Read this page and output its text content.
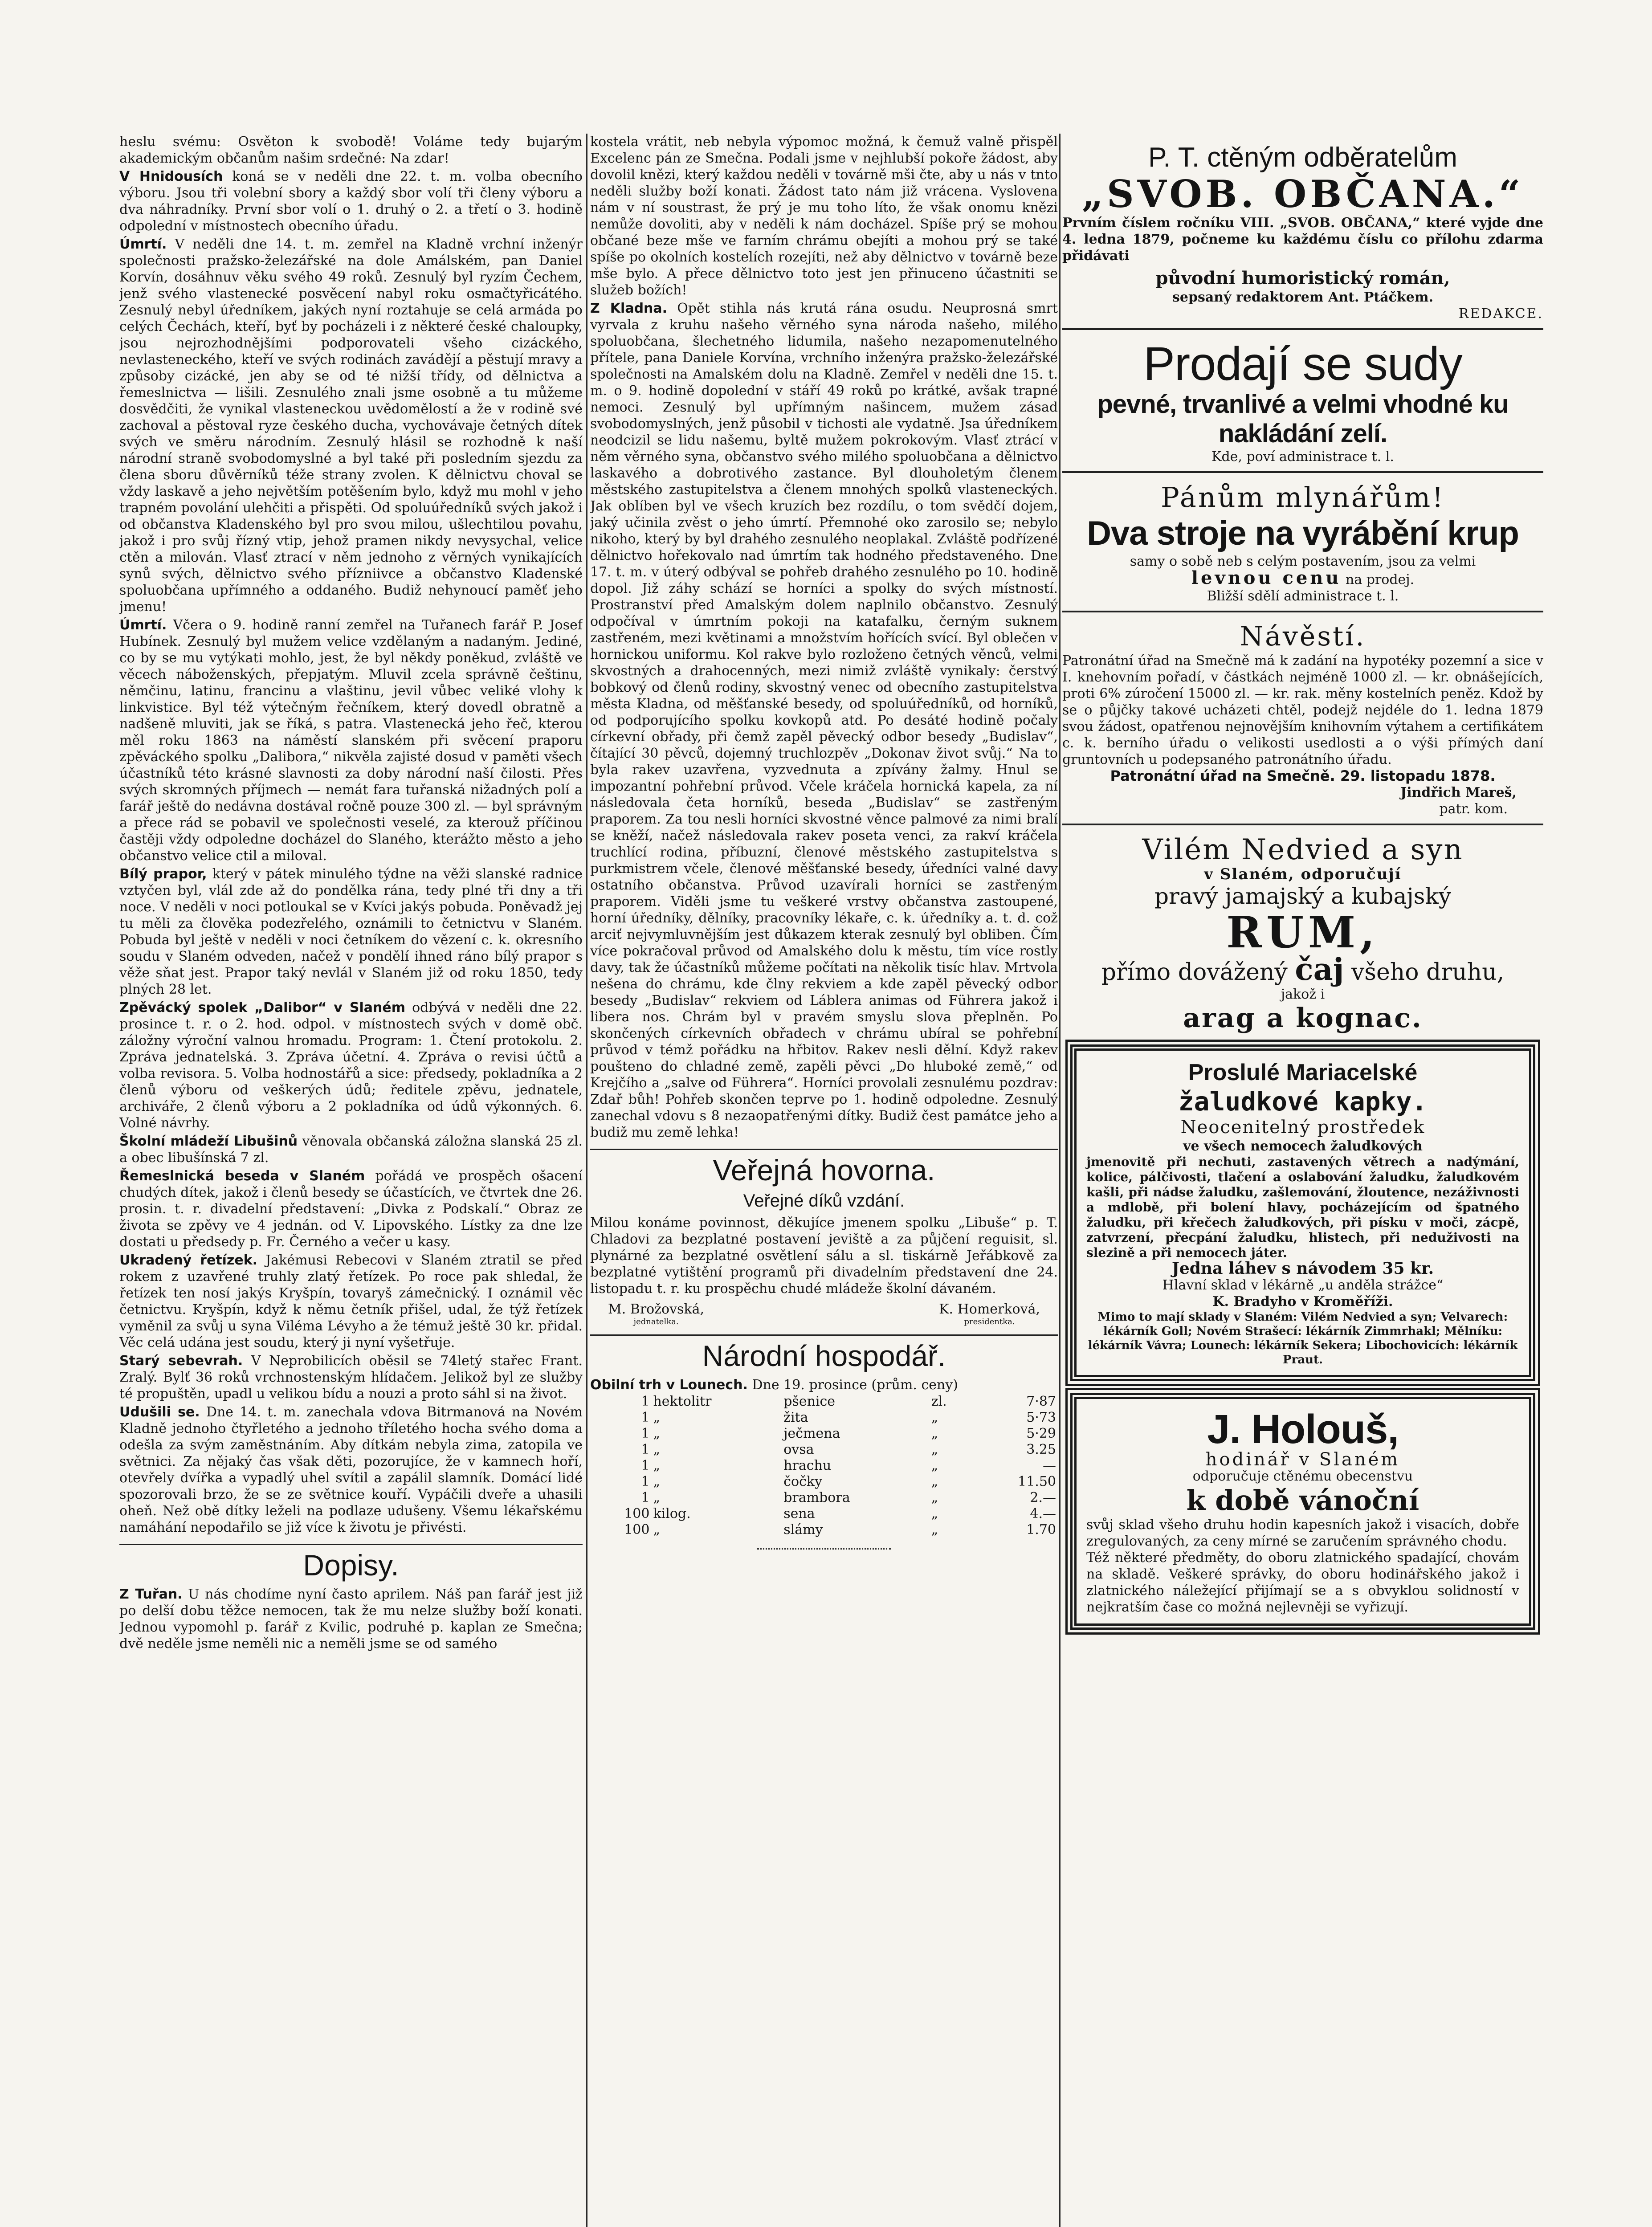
heslu svému: Osvěton k svobodě! Voláme tedy bujarým akademickým občanům našim srdečné: Na zdar!

V Hnidousích koná se v neděli dne 22. t. m. volba obecního výboru. Jsou tři volební sbory a každý sbor volí tři členy výboru a dva náhradníky. První sbor volí o 1. druhý o 2. a třetí o 3. hodině odpolední v místnostech obecního úřadu.

Úmrtí. V neděli dne 14. t. m. zemřel na Kladně vrchní inženýr společnosti pražsko-železářské na dole Amálském, pan Daniel Korvín, dosáhnuv věku svého 49 roků. Zesnulý byl ryzím Čechem, jenž svého vlastenecké posvěcení nabyl roku osmačtyřicátého. Zesnulý nebyl úředníkem, jakých nyní roztahuje se celá armáda po celých Čechách, kteří, byť by pocházeli i z některé české chaloupky, jsou nejrozhodnějšími podporovateli všeho cizáckého, nevlasteneckého, kteří ve svých rodinách zavádějí a pěstují mravy a způsoby cizácké, jen aby se od té nižší třídy, od dělnictva a řemeslnictva — lišili. Zesnulého znali jsme osobně a tu můžeme dosvědčiti, že vynikal vlasteneckou uvědomělostí a že v rodině své zachoval a pěstoval ryze českého ducha, vychovávaje četných dítek svých ve směru národním. Zesnulý hlásil se rozhodně k naší národní straně svobodomyslné a byl také při posledním sjezdu za člena sboru důvěrníků téže strany zvolen. K dělnictvu choval se vždy laskavě a jeho největším potěšením bylo, když mu mohl v jeho trapném povolání ulehčiti a přispěti. Od spoluúředníků svých jakož i od občanstva Kladenského byl pro svou milou, ušlechtilou povahu, jakož i pro svůj řízný vtip, jehož pramen nikdy nevysychal, velice ctěn a milován. Vlasť ztrací v něm jednoho z věrných vynikajících synů svých, dělnictvo svého přízniivce a občanstvo Kladenské spoluobčana upřímného a oddaného. Budiž nehynoucí paměť jeho jmenu!

Úmrtí. Včera o 9. hodině ranní zemřel na Tuřanech farář P. Josef Hubínek. Zesnulý byl mužem velice vzdělaným a nadaným. Jediné, co by se mu vytýkati mohlo, jest, že byl někdy poněkud, zvláště ve věcech náboženských, přepjatým. Mluvil zcela správně češtinu, němčinu, latinu, francinu a vlaštinu, jevil vůbec veliké vlohy k linkvistice. Byl též výtečným řečníkem, který dovedl obratně a nadšeně mluviti, jak se říká, s patra. Vlastenecká jeho řeč, kterou měl roku 1863 na náměstí slanském při svěcení praporu zpěváckého spolku „Dalibora,“ nikvěla zajisté dosud v paměti všech účastníků této krásné slavnosti za doby národní naší čilosti. Přes svých skromných příjmech — nemát fara tuřanská nižadných polí a farář ještě do nedávna dostával ročně pouze 300 zl. — byl správným a přece rád se pobavil ve společnosti veselé, za kterouž příčinou častěji vždy odpoledne docházel do Slaného, kterážto město a jeho občanstvo velice ctil a miloval.

Bílý prapor, který v pátek minulého týdne na věži slanské radnice vztyčen byl, vlál zde až do pondělka rána, tedy plné tři dny a tři noce. V neděli v noci potloukal se v Kvíci jakýs pobuda. Poněvadž jej tu měli za člověka podezřelého, oznámili to četnictvu v Slaném. Pobuda byl ještě v neděli v noci četníkem do vězení c. k. okresního soudu v Slaném odveden, načež v pondělí ihned ráno bílý prapor s věže sňat jest. Prapor taký nevlál v Slaném již od roku 1850, tedy plných 28 let.

Zpěvácký spolek „Dalibor“ v Slaném odbývá v neděli dne 22. prosince t. r. o 2. hod. odpol. v místnostech svých v domě obč. záložny výroční valnou hromadu. Program: 1. Čtení protokolu. 2. Zpráva jednatelská. 3. Zpráva účetní. 4. Zpráva o revisi účtů a volba revisora. 5. Volba hodnostářů a sice: předsedy, pokladníka a 2 členů výboru od veškerých údů; ředitele zpěvu, jednatele, archiváře, 2 členů výboru a 2 pokladníka od údů výkonných. 6. Volné návrhy.

Školní mládeží Libušinů věnovala občanská záložna slanská 25 zl. a obec libušínská 7 zl.

Řemeslnická beseda v Slaném pořádá ve prospěch ošacení chudých dítek, jakož i členů besedy se účastících, ve čtvrtek dne 26. prosin. t. r. divadelní představení: „Divka z Podskalí.“ Obraz ze života se zpěvy ve 4 jednán. od V. Lipovského. Lístky za dne lze dostati u předsedy p. Fr. Černého a večer u kasy.

Ukradený řetízek. Jakémusi Rebecovi v Slaném ztratil se před rokem z uzavřené truhly zlatý řetízek. Po roce pak shledal, že řetízek ten nosí jakýs Kryšpín, tovaryš zámečnický. I oznámil věc četnictvu. Kryšpín, když k němu četník přišel, udal, že týž řetízek vyměnil za svůj u syna Viléma Lévyho a že témuž ještě 30 kr. přidal. Věc celá udána jest soudu, který ji nyní vyšetřuje.

Starý sebevrah. V Neprobilicích oběsil se 74letý stařec Frant. Zralý. Bylť 36 roků vrchnostenským hlídačem. Jelikož byl ze služby té propuštěn, upadl u velikou bídu a nouzi a proto sáhl si na život.

Udušili se. Dne 14. t. m. zanechala vdova Bitrmanová na Novém Kladně jednoho čtyřletého a jednoho tříletého hocha svého doma a odešla za svým zaměstnáním. Aby dítkám nebyla zima, zatopila ve světnici. Za nějaký čas však děti, pozorujíce, že v kamnech hoří, otevřely dvířka a vypadlý uhel svítil a zapálil slamník. Domácí lidé spozorovali brzo, že se ze světnice kouří. Vypáčili dveře a uhasili oheň. Než obě dítky leželi na podlaze udušeny. Všemu lékařskému namáhání nepodařilo se již více k životu je přivésti.

Dopisy.

Z Tuřan. U nás chodíme nyní často aprilem. Náš pan farář jest již po delší dobu těžce nemocen, tak že mu nelze služby boží konati. Jednou vypomohl p. farář z Kvilic, podruhé p. kaplan ze Smečna; dvě neděle jsme neměli nic a neměli jsme se od samého

kostela vrátit, neb nebyla výpomoc možná, k čemuž valně přispěl Excelenc pán ze Smečna. Podali jsme v nejhlubší pokoře žádost, aby dovolil knězi, který každou neděli v továrně mši čte, aby u nás v tnto neděli služby boží konati. Žádost tato nám již vrácena. Vyslovena nám v ní soustrast, že prý je mu toho líto, že však onomu knězi nemůže dovoliti, aby v neděli k nám docházel. Spíše prý se mohou občané beze mše ve farním chrámu obejíti a mohou prý se také spíše po okolních kostelích rozejíti, než aby dělnictvo v továrně beze mše bylo. A přece dělnictvo toto jest jen přinuceno účastniti se služeb božích!

Z Kladna. Opět stihla nás krutá rána osudu. Neuprosná smrt vyrvala z kruhu našeho věrného syna národa našeho, milého spoluobčana, šlechetného lidumila, našeho nezapomenutelného přítele, pana Daniele Korvína, vrchního inženýra pražsko-železářské společnosti na Amalském dolu na Kladně. Zemřel v neděli dne 15. t. m. o 9. hodině dopolední v stáří 49 roků po krátké, avšak trapné nemoci. Zesnulý byl upřímným našincem, mužem zásad svobodomyslných, jenž působil v tichosti ale vydatně. Jsa úředníkem neodcizil se lidu našemu, byltě mužem pokrokovým. Vlasť ztrácí v něm věrného syna, občanstvo svého milého spoluobčana a dělnictvo laskavého a dobrotivého zastance. Byl dlouholetým členem městského zastupitelstva a členem mnohých spolků vlasteneckých. Jak oblíben byl ve všech kruzích bez rozdílu, o tom svědčí dojem, jaký učinila zvěst o jeho úmrtí. Přemnohé oko zarosilo se; nebylo nikoho, který by byl drahého zesnulého neoplakal. Zvláště podřízené dělnictvo hořekovalo nad úmrtím tak hodného představeného. Dne 17. t. m. v úterý odbýval se pohřeb drahého zesnulého po 10. hodině dopol. Již záhy schází se horníci a spolky do svých místností. Prostranství před Amalským dolem naplnilo občanstvo. Zesnulý odpočíval v úmrtním pokoji na katafalku, černým suknem zastřeném, mezi květinami a množstvím hořících svící. Byl oblečen v hornickou uniformu. Kol rakve bylo rozloženo četných věnců, velmi skvostných a drahocenných, mezi nimiž zvláště vynikaly: čerstvý bobkový od členů rodiny, skvostný venec od obecního zastupitelstva města Kladna, od měšťanské besedy, od spoluúředníků, od horníků, od podporujícího spolku kovkopů atd. Po desáté hodině počaly církevní obřady, při čemž zapěl pěvecký odbor besedy „Budislav“, čítající 30 pěvců, dojemný truchlozpěv „Dokonav život svůj.“ Na to byla rakev uzavřena, vyzvednuta a zpívány žalmy. Hnul se impozantní pohřební průvod. Včele kráčela hornická kapela, za ní následovala četa horníků, beseda „Budislav“ se zastřeným praporem. Za tou nesli horníci skvostné věnce palmové za nimi bralí se kněží, načež následovala rakev poseta venci, za rakví kráčela truchlící rodina, příbuzní, členové městského zastupitelstva s purkmistrem včele, členové měšťanské besedy, úředníci valné davy ostatního občanstva. Průvod uzavírali horníci se zastřeným praporem. Viděli jsme tu veškeré vrstvy občanstva zastoupené, horní úředníky, dělníky, pracovníky lékaře, c. k. úředníky a. t. d. což arciť nejvymluvnějším jest důkazem kterak zesnulý byl obliben. Čím více pokračoval průvod od Amalského dolu k městu, tím více rostly davy, tak že účastníků můžeme počítati na několik tisíc hlav. Mrtvola nešena do chrámu, kde člny rekviem a kde zapěl pěvecký odbor besedy „Budislav“ rekviem od Láblera animas od Führera jakož i libera nos. Chrám byl v pravém smyslu slova přeplněn. Po skončených církevních obřadech v chrámu ubíral se pohřební průvod v témž pořádku na hřbitov. Rakev nesli dělní. Když rakev poušteno do chladné země, zapěli pěvci „Do hluboké země,“ od Krejčího a „salve od Führera“. Horníci provolali zesnulému pozdrav: Zdař bůh! Pohřeb skončen teprve po 1. hodině odpoledne. Zesnulý zanechal vdovu s 8 nezaopatřenými dítky. Budiž čest památce jeho a budiž mu země lehka!

Veřejná hovorna.
Veřejné díků vzdání.

Milou konáme povinnost, děkujíce jmenem spolku „Libuše“ p. T. Chladovi za bezplatné postavení jeviště a za půjčení reguisit, sl. plynárné za bezplatné osvětlení sálu a sl. tiskárně Jeřábkově za bezplatné vytištění programů při divadelním představení dne 24. listopadu t. r. ku prospěchu chudé mládeže školní dávaném.

M. Brožovská,
jednatelka.
K. Homerková,
presidentka.
Národní hospodář.

Obilní trh v Lounech. Dne 19. prosince (prům. ceny)

1	hektolitr	pšenice	zl.	7·87
1	„	žita	„	5·73
1	„	ječmena	„	5·29
1	„	ovsa	„	3.25
1	„	hrachu	„	—
1	„	čočky	„	11.50
1	„	brambora	„	2.—
100	kilog.	sena	„	4.—
100	„	slámy	„	1.70
P. T. ctěným odběratelům
„SVOB. OBČANA.“

Prvním číslem ročníku VIII. „SVOB. OBČANA,“ které vyjde dne 4. ledna 1879, počneme ku každému číslu co přílohu zdarma přidávati

původní humoristický román,

sepsaný redaktorem Ant. Ptáčkem.

REDAKCE.

Prodají se sudy
pevné, trvanlivé a velmi vhodné ku
nakládání zelí.

Kde, poví administrace t. l.

Pánům mlynářům!
Dva stroje na vyrábění krup

samy o sobě neb s celým postavením, jsou za velmi

levnou cenu na prodej.

Bližší sdělí administrace t. l.

Návěstí.

Patronátní úřad na Smečně má k zadání na hypotéky pozemní a sice v I. knehovním pořadí, v částkách nejméně 1000 zl. — kr. obnášejících, proti 6% zúročení 15000 zl. — kr. rak. měny kostelních peněz. Kdož by se o půjčky takové ucházeti chtěl, podejž nejdéle do 1. ledna 1879 svou žádost, opatřenou nejnovějším knihovním výtahem a certifikátem c. k. berního úřadu o velikosti usedlosti a o výši přímých daní gruntovních u podepsaného patronátního úřadu.

Patronátní úřad na Smečně. 29. listopadu 1878.

Jindřich Mareš,

patr. kom.

Vilém Nedvied a syn

v Slaném, odporučují

pravý jamajský a kubajský
RUM,
přímo dovážený čaj všeho druhu,

jakož i

arag a kognac.
Proslulé Mariacelské
žaludkové kapky.

Neocenitelný prostředek

ve všech nemocech žaludkových

jmenovitě při nechuti, zastavených větrech a nadýmání, kolice, pálčivosti, tlačení a oslabování žaludku, žaludkovém kašli, při nádse žaludku, zašlemování, žloutence, nezáživnosti a mdlobě, při bolení hlavy, pocházejícím od špatného žaludku, při křečech žaludkových, při písku v moči, zácpě, zatvrzení, přecpání žaludku, hlistech, při neduživosti na slezině a při nemocech játer.

Jedna láhev s návodem 35 kr.

Hlavní sklad v lékárně „u anděla strážce“

K. Bradyho v Kroměříži.

Mimo to mají sklady v Slaném: Vilém Nedvied a syn; Velvarech: lékárník Goll; Novém Strašecí: lékárník Zimmrhakl; Mělníku: lékárník Vávra; Lounech: lékárník Sekera; Libochovicích: lékárník Praut.

J. Holouš,

hodinář v Slaném

odporučuje ctěnému obecenstvu

k době vánoční

svůj sklad všeho druhu hodin kapesních jakož i visacích, dobře zregulovaných, za ceny mírné se zaručením správného chodu.

Též některé předměty, do oboru zlatnického spadající, chovám na skladě. Veškeré správky, do oboru hodinářského jakož i zlatnického náležející přijímají se a s obvyklou solidností v nejkratším čase co možná nejlevněji se vyřizují.
